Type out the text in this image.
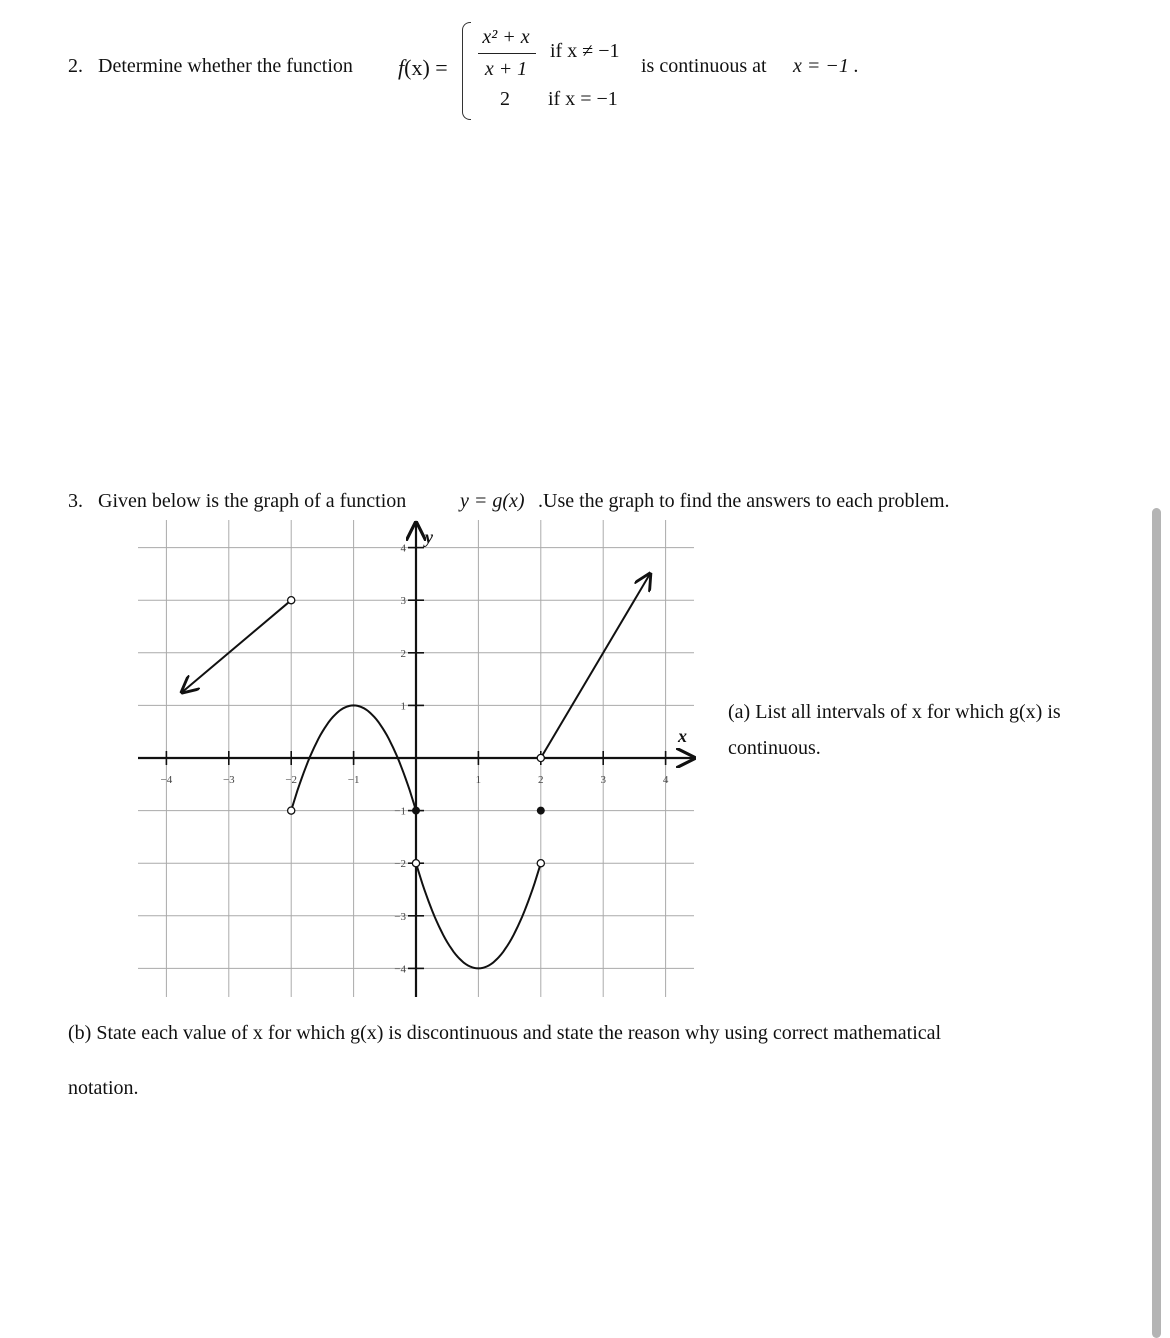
2. Determine whether the function f(x) =
x² + x
x + 1
if x ≠ −1
2 if x = −1
is continuous at x = −1 .
3. Given below is the graph of a function	y = g(x) .Use the graph to find the answers to each problem.
x
y
−4	−3	−2	−1	1	2	3	4
4
3
2
1
−1
−2
−3
−4
(a) List all intervals of x for which g(x) is
continuous.
(b) State each value of x for which g(x) is discontinuous and state the reason why using correct mathematical
notation.
